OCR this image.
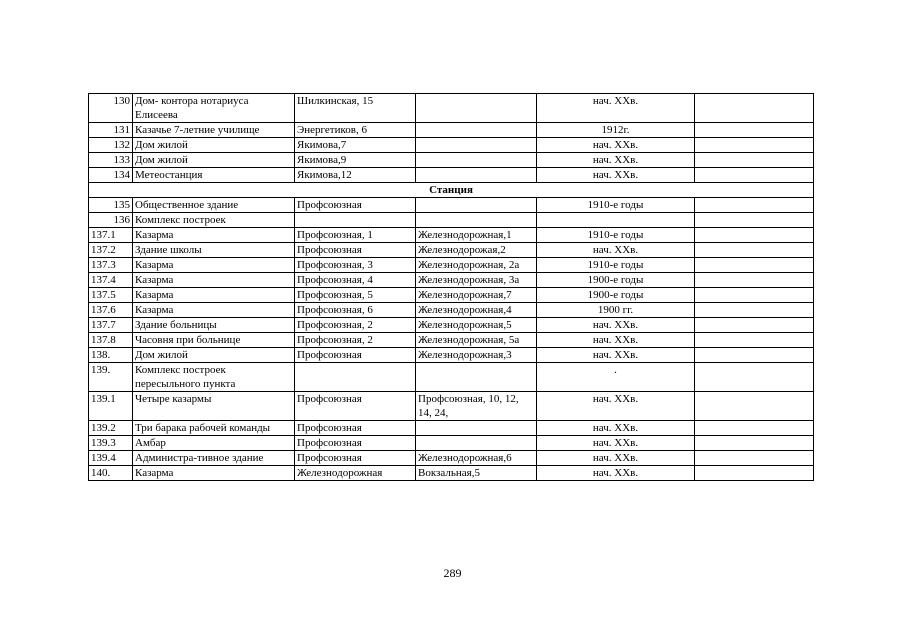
130	Дом- контора нотариуса Елисеева	Шилкинская, 15		нач. XXв.	
131	Казачье 7-летние училище	Энергетиков, 6		1912г.	
132	Дом жилой	Якимова,7		нач. XXв.	
133	Дом жилой	Якимова,9		нач. XXв.	
134	Метеостанция	Якимова,12		нач. XXв.	
Станция					
135	Общественное здание	Профсоюзная		1910-е годы	
136	Комплекс построек				
137.1	Казарма	Профсоюзная, 1	Железнодорожная,1	1910-е годы	
137.2	Здание школы	Профсоюзная	Железнодорожая,2	нач. XXв.	
137.3	Казарма	Профсоюзная, 3	Железнодорожная, 2а	1910-е годы	
137.4	Казарма	Профсоюзная, 4	Железнодорожная, 3а	1900-е годы	
137.5	Казарма	Профсоюзная, 5	Железнодорожная,7	1900-е годы	
137.6	Казарма	Профсоюзная, 6	Железнодорожная,4	1900 гг.	
137.7	Здание больницы	Профсоюзная, 2	Железнодорожная,5	нач. XXв.	
137.8	Часовня при больнице	Профсоюзная, 2	Железнодорожная, 5а	нач. XXв.	
138.	Дом жилой	Профсоюзная	Железнодорожная,3	нач. XXв.	
139.	Комплекс построек пересыльного пункта			.	
139.1	Четыре казармы	Профсоюзная	Профсоюзная, 10, 12, 14, 24,	нач. XXв.	
139.2	Три барака рабочей команды	Профсоюзная		нач. XXв.	
139.3	Амбар	Профсоюзная		нач. XXв.	
139.4	Администра-тивное здание	Профсоюзная	Железнодорожная,6	нач. XXв.	
140.	Казарма	Железнодорожная	Вокзальная,5	нач. XXв.	
289
